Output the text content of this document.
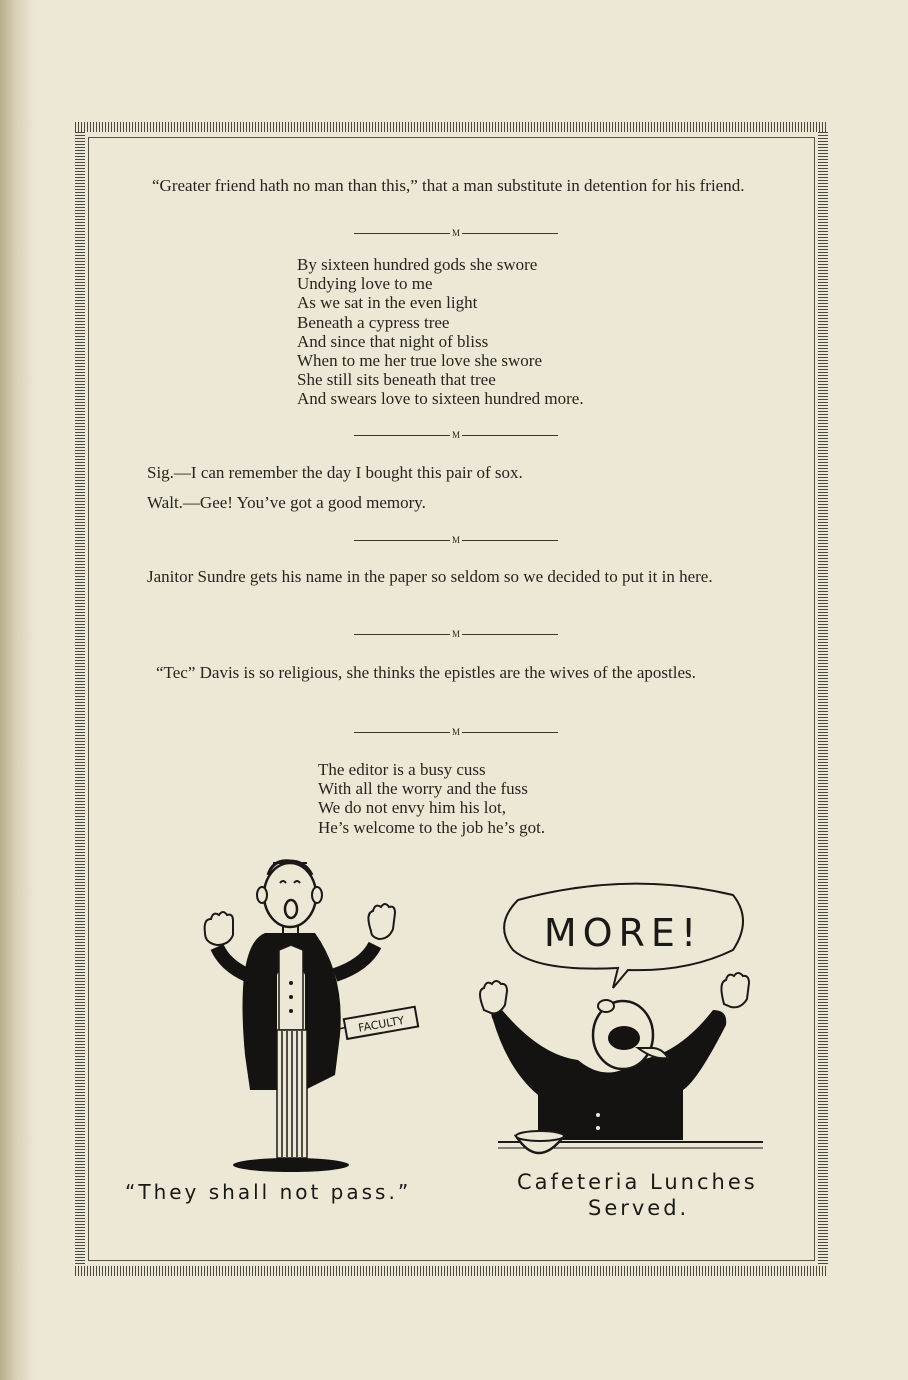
“Greater friend hath no man than this,” that a man substitute in detention for his friend.
M
By sixteen hundred gods she swore
Undying love to me
As we sat in the even light
Beneath a cypress tree
And since that night of bliss
When to me her true love she swore
She still sits beneath that tree
And swears love to sixteen hundred more.
M
Sig.—I can remember the day I bought this pair of sox.
Walt.—Gee! You’ve got a good memory.
M
Janitor Sundre gets his name in the paper so seldom so we decided to put it in here.
M
“Tec” Davis is so religious, she thinks the epistles are the wives of the apostles.
M
The editor is a busy cuss
With all the worry and the fuss
We do not envy him his lot,
He’s welcome to the job he’s got.
FACULTY
“They shall not pass.”
MORE!
Cafeteria Lunches
Served.
